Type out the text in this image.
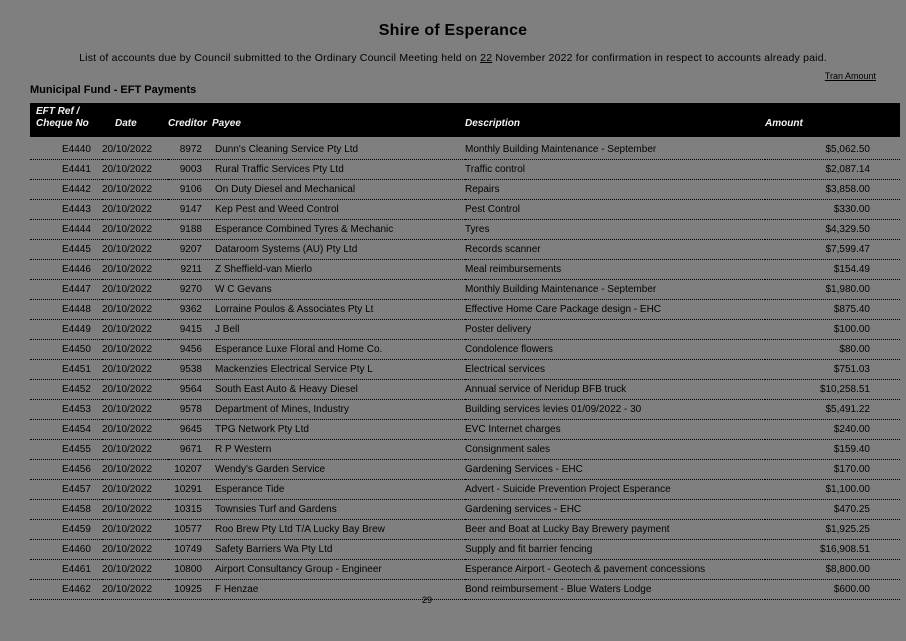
Shire of Esperance
List of accounts due by Council submitted to the Ordinary Council Meeting held on 22 November 2022 for confirmation in respect to accounts already paid.
Tran Amount
Municipal Fund - EFT Payments
EFT Ref /
Cheque No	Date	Creditor	Payee	Description	Amount

E4440	20/10/2022	8972	Dunn's Cleaning Service Pty Ltd	Monthly Building Maintenance - September	$5,062.50
E4441	20/10/2022	9003	Rural Traffic Services Pty Ltd	Traffic control	$2,087.14
E4442	20/10/2022	9106	On Duty Diesel and Mechanical	Repairs	$3,858.00
E4443	20/10/2022	9147	Kep Pest and Weed Control	Pest Control	$330.00
E4444	20/10/2022	9188	Esperance Combined Tyres & Mechanic	Tyres	$4,329.50
E4445	20/10/2022	9207	Dataroom Systems (AU) Pty Ltd	Records scanner	$7,599.47
E4446	20/10/2022	9211	Z Sheffield-van Mierlo	Meal reimbursements	$154.49
E4447	20/10/2022	9270	W C Gevans	Monthly Building Maintenance - September	$1,980.00
E4448	20/10/2022	9362	Lorraine Poulos & Associates Pty Lt	Effective Home Care Package design - EHC	$875.40
E4449	20/10/2022	9415	J Bell	Poster delivery	$100.00
E4450	20/10/2022	9456	Esperance Luxe Floral and Home Co.	Condolence flowers	$80.00
E4451	20/10/2022	9538	Mackenzies Electrical Service Pty L	Electrical services	$751.03
E4452	20/10/2022	9564	South East Auto & Heavy Diesel	Annual service of Neridup BFB truck	$10,258.51
E4453	20/10/2022	9578	Department of Mines, Industry	Building services levies 01/09/2022 - 30	$5,491.22
E4454	20/10/2022	9645	TPG Network Pty Ltd	EVC Internet charges	$240.00
E4455	20/10/2022	9671	R P Western	Consignment sales	$159.40
E4456	20/10/2022	10207	Wendy's Garden Service	Gardening Services - EHC	$170.00
E4457	20/10/2022	10291	Esperance Tide	Advert - Suicide Prevention Project Esperance	$1,100.00
E4458	20/10/2022	10315	Townsies Turf and Gardens	Gardening services - EHC	$470.25
E4459	20/10/2022	10577	Roo Brew Pty Ltd T/A Lucky Bay Brew	Beer and Boat at Lucky Bay Brewery payment	$1,925.25
E4460	20/10/2022	10749	Safety Barriers Wa Pty Ltd	Supply and fit barrier fencing	$16,908.51
E4461	20/10/2022	10800	Airport Consultancy Group - Engineer	Esperance Airport - Geotech & pavement concessions	$8,800.00
E4462	20/10/2022	10925	F Henzae	Bond reimbursement - Blue Waters Lodge	$600.00
29
